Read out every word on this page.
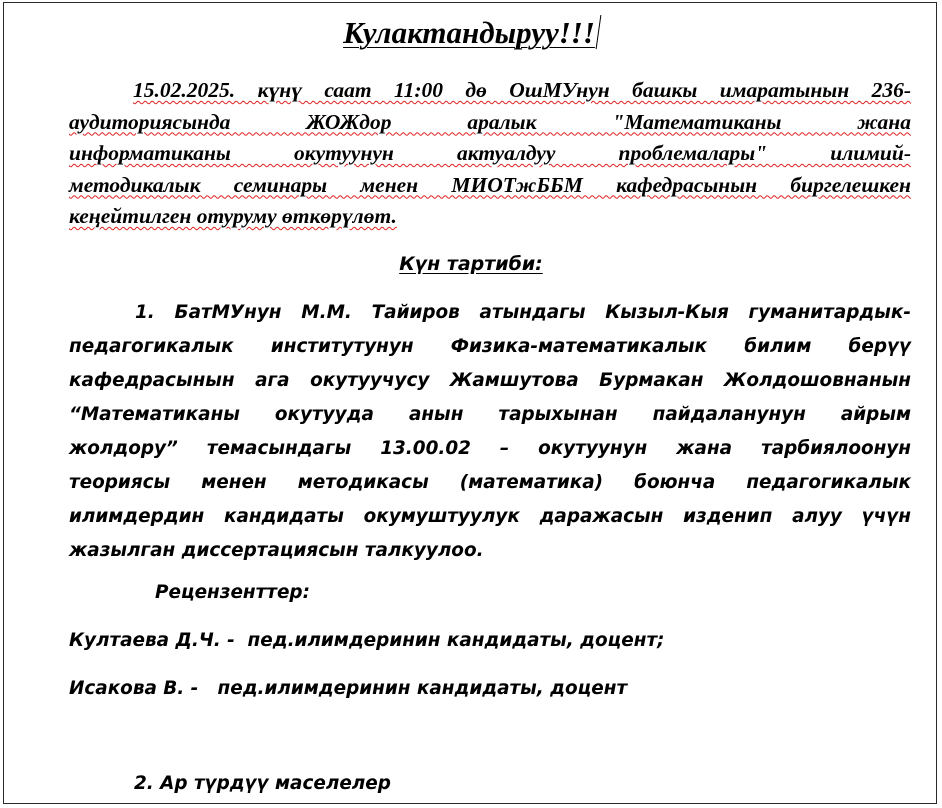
Кулактандыруу!!!

15.02.2025. күнү саат 11:00 дө ОшМУнун башкы имаратынын 236-
аудиториясында ЖОЖдор аралык "Математиканы жана
информатиканы окутуунун актуалдуу проблемалары" илимий-
методикалык семинары менен МИОТжББМ кафедрасынын биргелешкен
кеңейтилген отуруму өткөрүлөт.

Күн тартиби:

1. БатМУнун М.М. Тайиров атындагы Кызыл-Кыя гуманитардык-
педагогикалык институтунун Физика-математикалык билим берүү
кафедрасынын ага окутуучусу Жамшутова Бурмакан Жолдошовнанын
“Математиканы окутууда анын тарыхынан пайдаланунун айрым
жолдору” темасындагы 13.00.02 – окутуунун жана тарбиялоонун
теориясы менен методикасы (математика) боюнча педагогикалык
илимдердин кандидаты окумуштуулук даражасын изденип алуу үчүн
жазылган диссертациясын талкуулоо.

Рецензенттер:
Култаева Д.Ч. -  пед.илимдеринин кандидаты, доцент;
Исакова В. -   пед.илимдеринин кандидаты, доцент
2. Ар түрдүү маселелер
